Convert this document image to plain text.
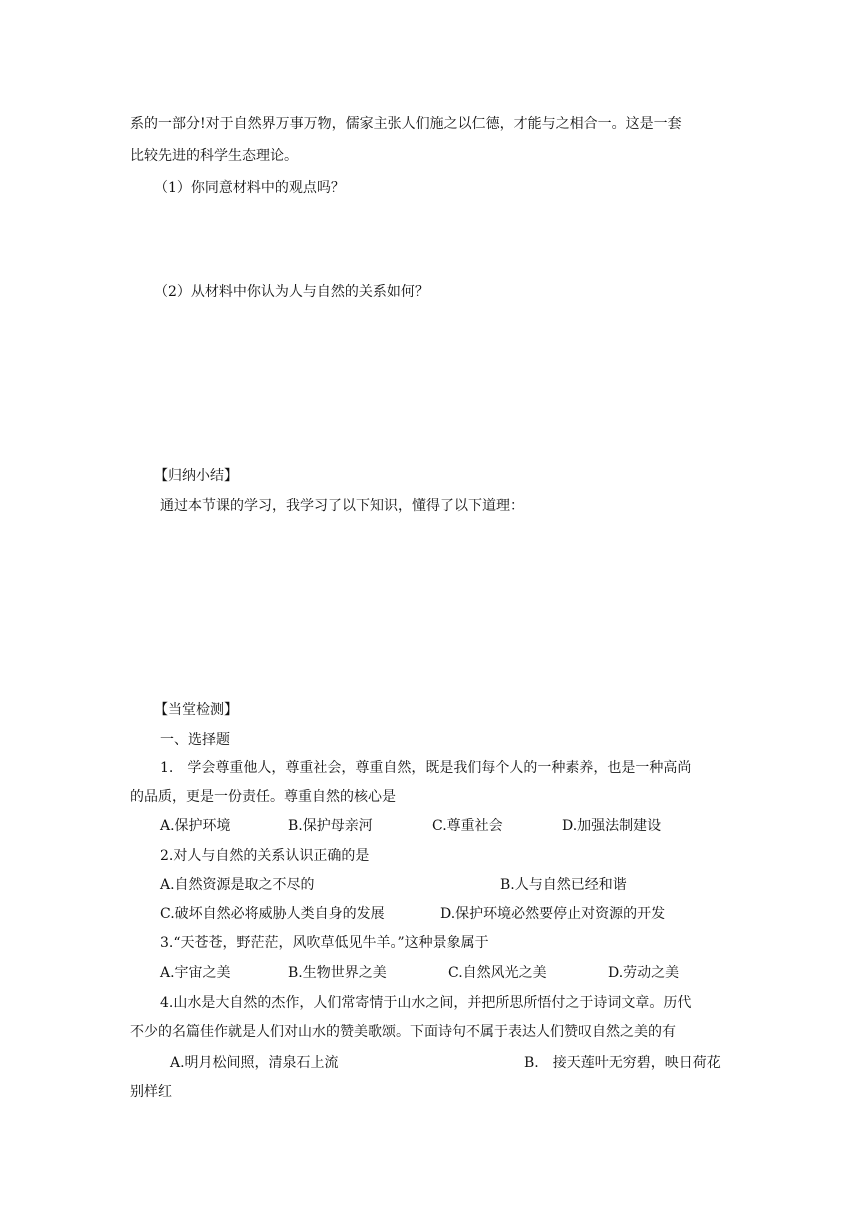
系的一部分!对于自然界万事万物，儒家主张人们施之以仁德，才能与之相合一。这是一套
比较先进的科学生态理论。
（1）你同意材料中的观点吗？
（2）从材料中你认为人与自然的关系如何？
【归纳小结】
通过本节课的学习，我学习了以下知识，懂得了以下道理：
【当堂检测】
一、选择题
1.　学会尊重他人，尊重社会，尊重自然，既是我们每个人的一种素养，也是一种高尚
的品质，更是一份责任。尊重自然的核心是
A.保护环境	B.保护母亲河	C.尊重社会	D.加强法制建设
2.对人与自然的关系认识正确的是
A.自然资源是取之不尽的	B.人与自然已经和谐
C.破坏自然必将威胁人类自身的发展	D.保护环境必然要停止对资源的开发
3.“天苍苍，野茫茫，风吹草低见牛羊。”这种景象属于
A.宇宙之美	B.生物世界之美	C.自然风光之美	D.劳动之美
4.山水是大自然的杰作，人们常寄情于山水之间，并把所思所悟付之于诗词文章。历代
不少的名篇佳作就是人们对山水的赞美歌颂。下面诗句不属于表达人们赞叹自然之美的有
A.明月松间照，清泉石上流	B.　接天莲叶无穷碧，映日荷花
别样红
